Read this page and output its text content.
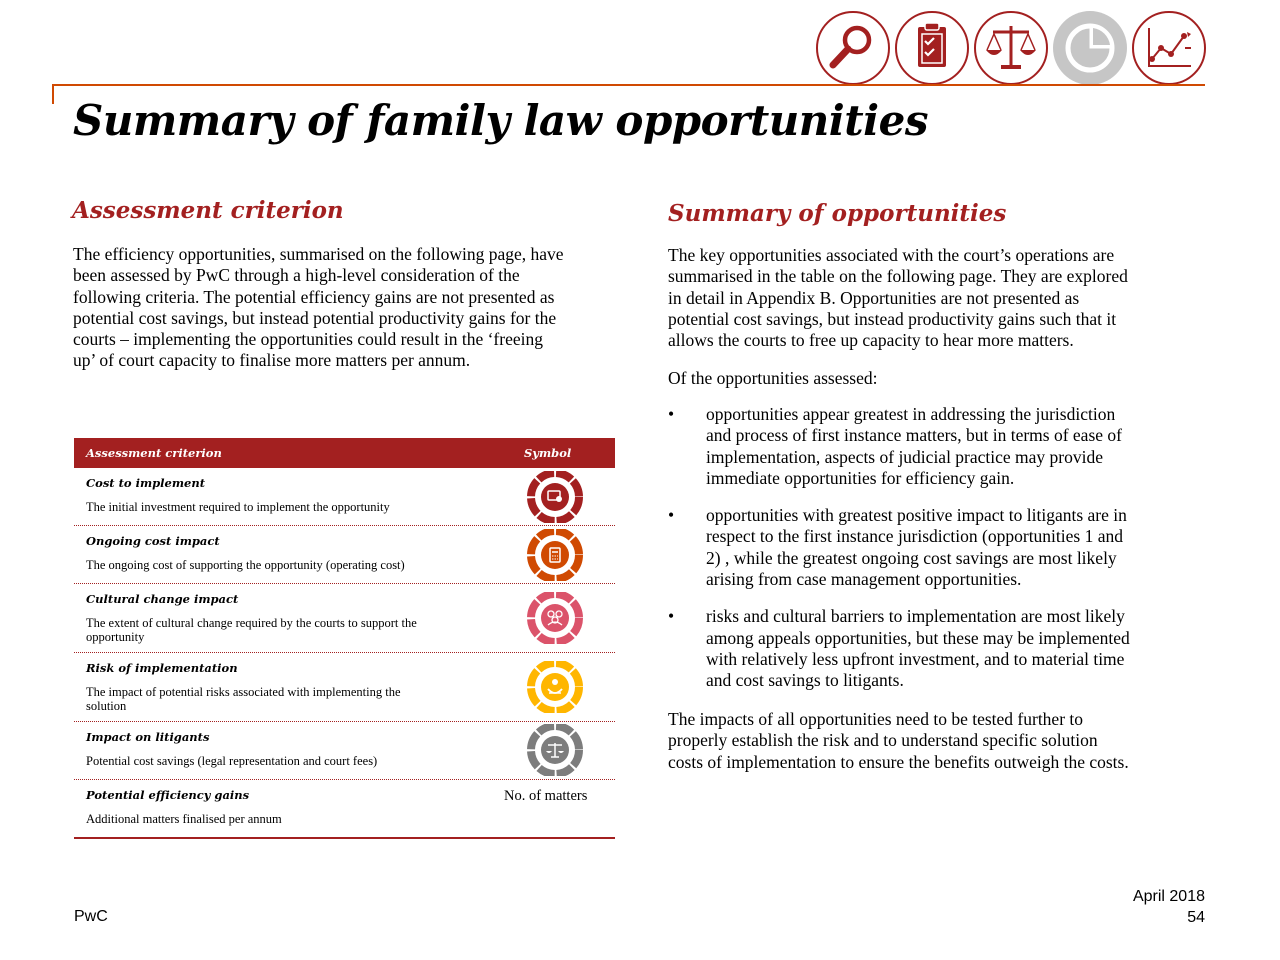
Summary of family law opportunities
Assessment criterion
The efficiency opportunities, summarised on the following page, have
been assessed by PwC through a high-level consideration of the
following criteria. The potential efficiency gains are not presented as
potential cost savings, but instead potential productivity gains for the
courts – implementing the opportunities could result in the ‘freeing
up’ of court capacity to finalise more matters per annum.
Assessment criterion	Symbol
Cost to implement
The initial investment required to implement the opportunity
Ongoing cost impact
The ongoing cost of supporting the opportunity (operating cost)
Cultural change impact
The extent of cultural change required by the courts to support the
opportunity
Risk of implementation
The impact of potential risks associated with implementing the
solution
Impact on litigants
Potential cost savings (legal representation and court fees)
Potential efficiency gains
Additional matters finalised per annum
No. of matters
Summary of opportunities
The key opportunities associated with the court’s operations are
summarised in the table on the following page. They are explored
in detail in Appendix B. Opportunities are not presented as
potential cost savings, but instead productivity gains such that it
allows the courts to free up capacity to hear more matters.
Of the opportunities assessed:
• opportunities appear greatest in addressing the jurisdiction
and process of first instance matters, but in terms of ease of
implementation, aspects of judicial practice may provide
immediate opportunities for efficiency gain.
• opportunities with greatest positive impact to litigants are in
respect to the first instance jurisdiction (opportunities 1 and
2) , while the greatest ongoing cost savings are most likely
arising from case management opportunities.
• risks and cultural barriers to implementation are most likely
among appeals opportunities, but these may be implemented
with relatively less upfront investment, and to material time
and cost savings to litigants.
The impacts of all opportunities need to be tested further to
properly establish the risk and to understand specific solution
costs of implementation to ensure the benefits outweigh the costs.
PwC
April 2018
54
